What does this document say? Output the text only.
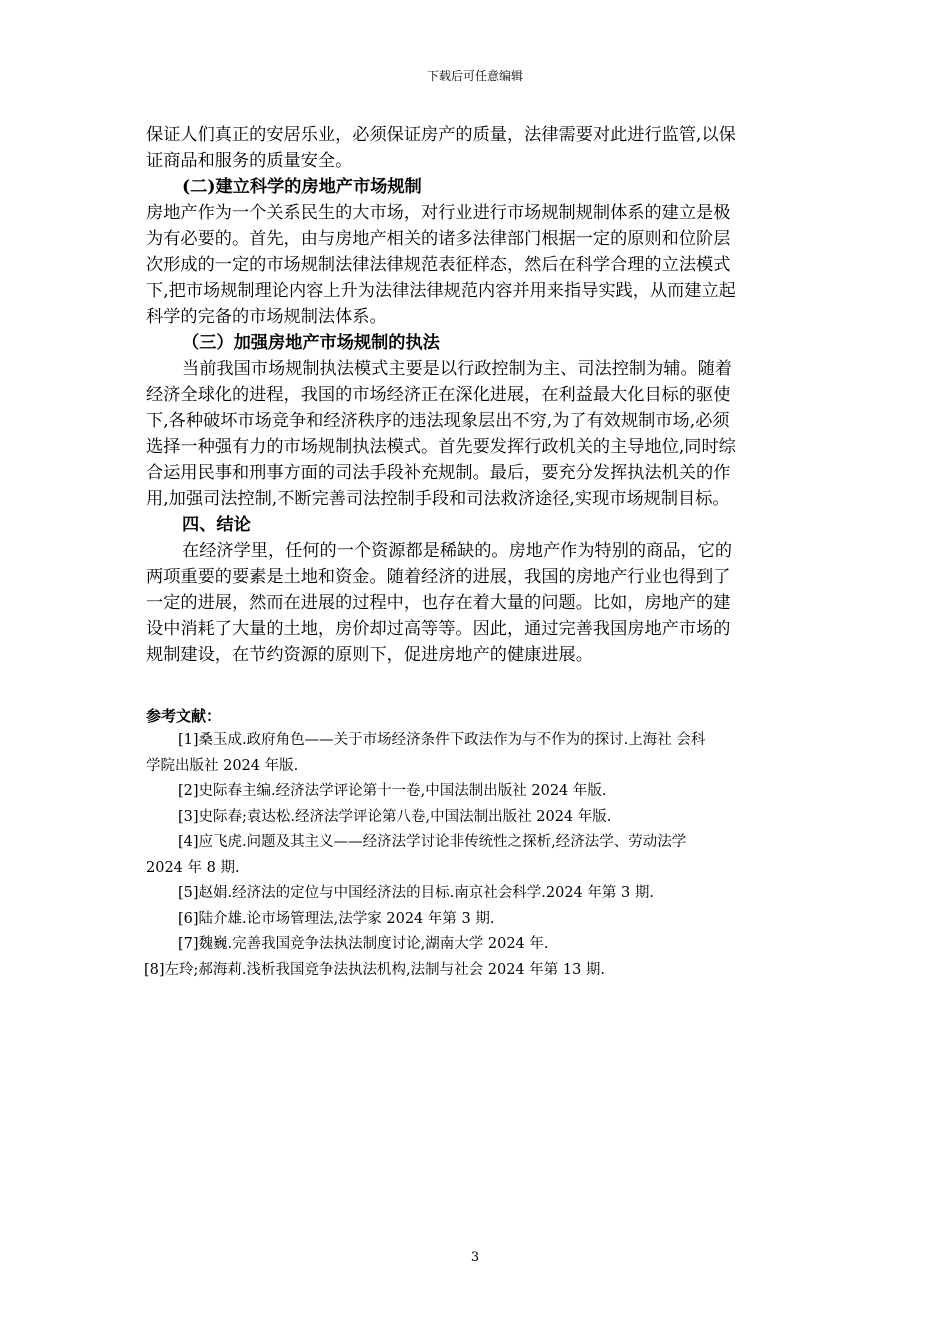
下载后可任意编辑

保证人们真正的安居乐业，必须保证房产的质量，法律需要对此进行监管,以保

证商品和服务的质量安全。

(二)建立科学的房地产市场规制

房地产作为一个关系民生的大市场，对行业进行市场规制规制体系的建立是极

为有必要的。首先，由与房地产相关的诸多法律部门根据一定的原则和位阶层

次形成的一定的市场规制法律法律规范表征样态，然后在科学合理的立法模式

下,把市场规制理论内容上升为法律法律规范内容并用来指导实践，从而建立起

科学的完备的市场规制法体系。

（三）加强房地产市场规制的执法

当前我国市场规制执法模式主要是以行政控制为主、司法控制为辅。随着

经济全球化的进程，我国的市场经济正在深化进展，在利益最大化目标的驱使

下,各种破坏市场竞争和经济秩序的违法现象层出不穷,为了有效规制市场,必须

选择一种强有力的市场规制执法模式。首先要发挥行政机关的主导地位,同时综

合运用民事和刑事方面的司法手段补充规制。最后，要充分发挥执法机关的作

用,加强司法控制,不断完善司法控制手段和司法救济途径,实现市场规制目标。

四、结论

在经济学里，任何的一个资源都是稀缺的。房地产作为特别的商品，它的

两项重要的要素是土地和资金。随着经济的进展，我国的房地产行业也得到了

一定的进展，然而在进展的过程中，也存在着大量的问题。比如，房地产的建

设中消耗了大量的土地，房价却过高等等。因此，通过完善我国房地产市场的

规制建设，在节约资源的原则下，促进房地产的健康进展。

参考文献：

[1]桑玉成.政府角色——关于市场经济条件下政法作为与不作为的探讨.上海社 会科

学院出版社 2024 年版.

[2]史际春主编.经济法学评论第十一卷,中国法制出版社 2024 年版.

[3]史际春;袁达松.经济法学评论第八卷,中国法制出版社 2024 年版.

[4]应飞虎.问题及其主义——经济法学讨论非传统性之探析,经济法学、劳动法学

2024 年 8 期.

[5]赵娟.经济法的定位与中国经济法的目标.南京社会科学.2024 年第 3 期.

[6]陆介雄.论市场管理法,法学家 2024 年第 3 期.

[7]魏巍.完善我国竞争法执法制度讨论,湖南大学 2024 年.

[8]左玲;郝海莉.浅析我国竞争法执法机构,法制与社会 2024 年第 13 期.

3
